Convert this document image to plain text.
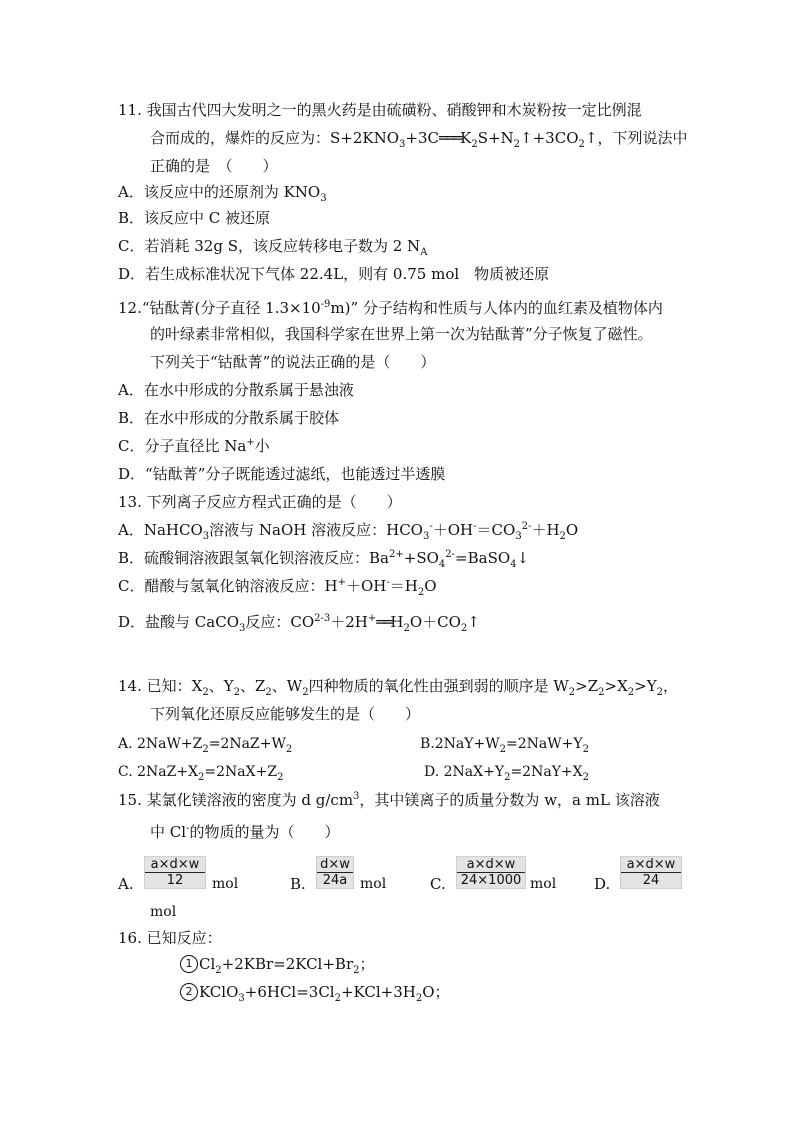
11. 我国古代四大发明之一的黑火药是由硫磺粉、硝酸钾和木炭粉按一定比例混
合而成的，爆炸的反应为：$S+2KNO_3+3C═══K_2S+N_2↑+3CO_2↑$，下列说法中
正确的是　（　　）
A．该反应中的还原剂为 $KNO_3$
B．该反应中 C 被还原
C．若消耗 32g S，该反应转移电子数为 2 $N_A$
D．若生成标准状况下气体 22.4L，则有 0.75 mol　物质被还原
12.“钴酞菁(分子直径 $1.3\times 10^{-9}m$)” 分子结构和性质与人体内的血红素及植物体内
的叶绿素非常相似，我国科学家在世界上第一次为钴酞菁”分子恢复了磁性。
下列关于“钴酞菁”的说法正确的是（　　）
A．在水中形成的分散系属于悬浊液
B．在水中形成的分散系属于胶体
C．分子直径比 Na+小
D．“钴酞菁”分子既能透过滤纸，也能透过半透膜
13. 下列离子反应方程式正确的是（　　）
A．NaHCO$_3$溶液与 NaOH 溶液反应：$HCO_3^-+OH^-=CO_3^{2-}+H_2O$
B．硫酸铜溶液跟氢氧化钡溶液反应：$Ba^{2+}+SO_4^{2-}=BaSO_4↓$
C．醋酸与氢氧化钠溶液反应：$H^++OH^-=H_2O$
D．盐酸与 CaCO$_3$反应：$CO^{2-3}+2H^+══H_2O+CO_2↑$
14. 已知：$X_2$、$Y_2$、$Z_2$、$W_2$四种物质的氧化性由强到弱的顺序是 $W_2>Z_2>X_2>Y_2$，
下列氧化还原反应能够发生的是（　　）
A. $2NaW+Z_2=2NaZ+W_2$	$B.2NaY+W_2=2NaW+Y_2$
C. $2NaZ+X_2=2NaX+Z_2$	D. $2NaX+Y_2=2NaY+X_2$
15. 某氯化镁溶液的密度为 d $g/cm^3$，其中镁离子的质量分数为 w，a mL 该溶液
中 Cl-的物质的量为（　　）
A. $\frac{a\times d\times w}{12}$ mol	B. $\frac{d\times w}{24a}$ mol	C. $\frac{a\times d\times w}{24\times 1000}$ mol	D. $\frac{a\times d\times w}{24}$
mol
16. 已知反应：
1 $Cl_2+2KBr=2KCl+Br_2$；
2 $KClO_3+6HCl=3Cl_2+KCl+3H_2O$；
